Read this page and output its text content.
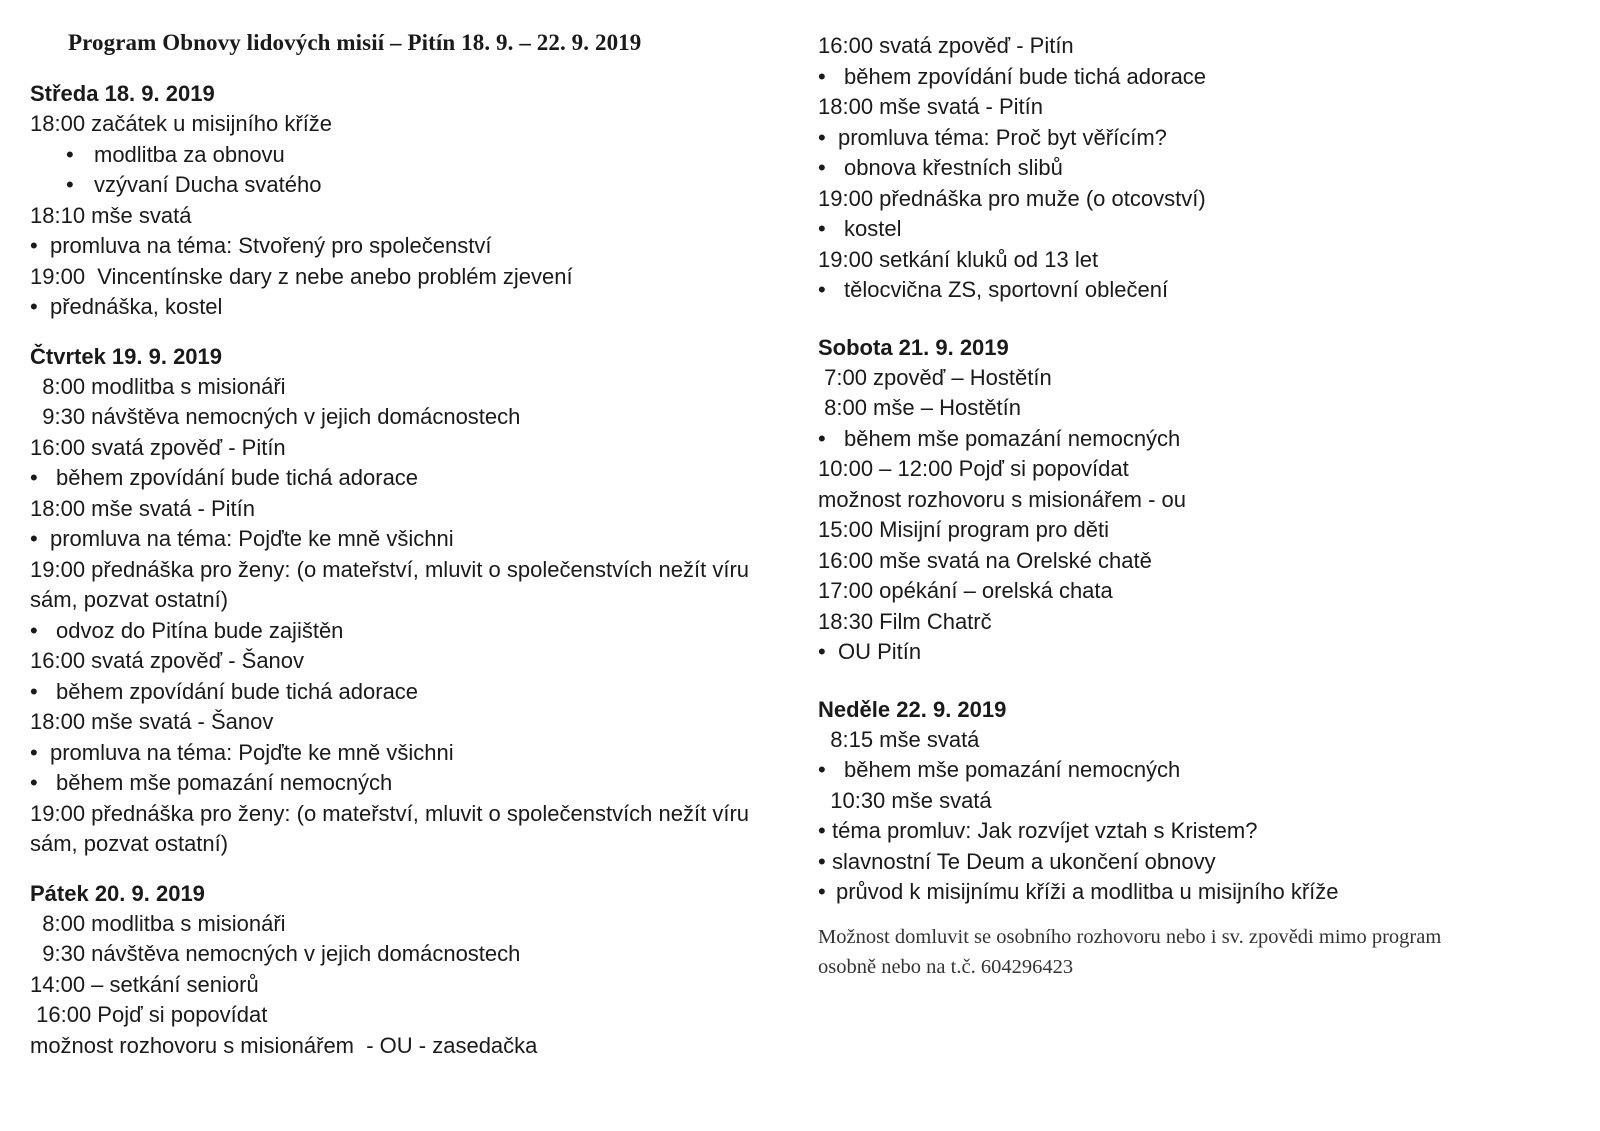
Program Obnovy lidových misií – Pitín 18. 9. – 22. 9. 2019
Středa 18. 9. 2019
18:00 začátek u misijního kříže
• modlitba za obnovu
• vzývaní Ducha svatého
18:10 mše svatá
• promluva na téma: Stvořený pro společenství
19:00  Vincentínske dary z nebe anebo problém zjevení
• přednáška, kostel
Čtvrtek 19. 9. 2019
8:00 modlitba s misionáři
9:30 návštěva nemocných v jejich domácnostech
16:00 svatá zpověď - Pitín
• během zpovídání bude tichá adorace
18:00 mše svatá - Pitín
• promluva na téma: Pojďte ke mně všichni
19:00 přednáška pro ženy: (o mateřství, mluvit o společenstvích nežít víru sám, pozvat ostatní)
• odvoz do Pitína bude zajištěn
16:00 svatá zpověď - Šanov
• během zpovídání bude tichá adorace
18:00 mše svatá - Šanov
• promluva na téma: Pojďte ke mně všichni
• během mše pomazání nemocných
19:00 přednáška pro ženy: (o mateřství, mluvit o společenstvích nežít víru sám, pozvat ostatní)
Pátek 20. 9. 2019
8:00 modlitba s misionáři
9:30 návštěva nemocných v jejich domácnostech
14:00 – setkání seniorů
16:00 Pojď si popovídat
možnost rozhovoru s misionářem  - OU - zasedačka
16:00 svatá zpověď - Pitín
• během zpovídání bude tichá adorace
18:00 mše svatá - Pitín
• promluva téma: Proč byt věřícím?
• obnova křestních slibů
19:00 přednáška pro muže (o otcovství)
• kostel
19:00 setkání kluků od 13 let
• tělocvična ZS, sportovní oblečení
Sobota 21. 9. 2019
7:00 zpověď – Hostětín
8:00 mše – Hostětín
• během mše pomazání nemocných
10:00 – 12:00 Pojď si popovídat
možnost rozhovoru s misionářem - ou
15:00 Misijní program pro děti
16:00 mše svatá na Orelské chatě
17:00 opékání – orelská chata
18:30 Film Chatrč
• OU Pitín
Neděle 22. 9. 2019
8:15 mše svatá
• během mše pomazání nemocných
10:30 mše svatá
• téma promluv: Jak rozvíjet vztah s Kristem?
• slavnostní Te Deum a ukončení obnovy
• průvod k misijnímu kříži a modlitba u misijního kříže
Možnost domluvit se osobního rozhovoru nebo i sv. zpovědi mimo program osobně nebo na t.č. 604296423
